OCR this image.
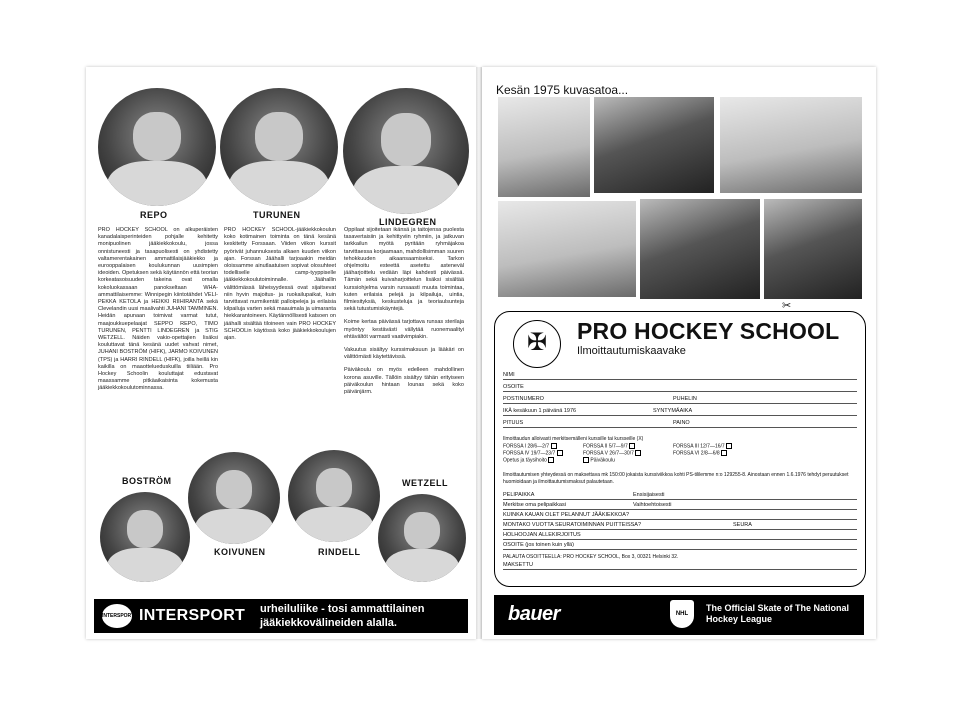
REPO	TURUNEN
LINDEGREN

PRO HOCKEY SCHOOL on alkuperäisten kanadalaisperinteiden pohjalle kehitetty monipuolinen jääkiekkokoulu, jossa onnistuneesti ja tasapuolisesti on yhdistetty valtamerentakainen ammattilaisjääkiekko ja eurooppalaisen koulukunnan uusimpien ideoiden. Opetuksen sekä käytännön että teorian korkeatasoisuuden takeina ovat omalla kokoluokassaan panokseltaan WHA-ammattilaisemme: Winnipegin kiintotähdet VELI-PEKKA KETOLA ja HEIKKI RIIHIRANTA sekä Clevelandin uusi maalivahti JUHANI TAMMINEN. Heidän apunaan toimivat varmat tutut, maajoukkuepelaajat SEPPO REPO, TIMO TURUNEN, PENTTI LINDEGREN ja STIG WETZELL. Näiden vakio-opettajien lisäksi kouluttavat tänä kesänä uudet vahvat nimet, JUHANI BOSTRÖM (HIFK), JARMO KOIVUNEN (TPS) ja HARRI RINDELL (HIFK), joilla heillä kin kaikilla on maaottelueduskuilla tiiliään. Pro Hockey Schoolin kouluttajat edustavat maassamme pitkäaikaisinta kokemusta jääkiekkokoulutominnassa.

PRO HOCKEY SCHOOL-jääkiekkokoulun koko kotimainen toiminta on tänä kesänä keskitetty Forssaan. Viiden viikon kurssit pyörivät juhannuksesta alkaen kuuden viikon ajan. Forssan Jäähalli tarjoaakin meidän oloissamme ainutlaatuisen sopivat olosuhteet todelliselle camp-tyyppiselle jääkiekkokoulutoiminnalle. Jäähallin välittömässä läheisyydessä ovat sijaitsevat niin hyvin majoitus- ja ruokailupaikat, kuin tarvittavat nurmikentät palloipeleja ja erilaisia kilpailuja varten sekä maauimala ja uimaranta hiekkarantoineen. Käytännöllisesti katsoen on jäähalli sisältää tiloineen vain PRO HOCKEY SCHOOLin käytössä koko jääkiekkokoulujen ajan.

Oppilaat sijoitetaan ikänsä ja taitojensa puolesta tasavertaisiin ja kehittyviin ryhmiin, ja jatkuvan tarkkailun myötä pyritään ryhmäjakoa tarvittaessa korjaamaan, mahdollisimman suuren tehokkuuden aikaansaamiseksi. Tarkon ohjelmoitu esteettä asetettu asteneväl jääharjoittelu vedään läpi kahdesti päivässä. Tämän sekä kuivaharjoittelun lisäksi sisältää kurssiohjelma varsin runsaasti muuta toimintaa, kuten erilaisia pelejä ja kilpailuja, uintia, filmiesityksiä, keskusteluja ja teoriaulsunteja sekä tutustumiskäyntejä.

Koime kertaa päivässä tarjottava runsas sterilaja myöntyy kestävästi vällytää ruonemaalityi ehtävältöt varmasti vaativimpiakin.

Vakuutus sisältyy kurssimaksuun ja lääkäri on välittömästi käytettävissä.

Päiväkoulu on myös edelleen mahdollinen korona asuville. Tällöin sisältyy tähän erityiseen päiväkoulun hintaan lounas sekä koko päivänjärm.

BOSTRÖM
KOIVUNEN	RINDELL
WETZELL
INTERSPORT INTERSPORT urheiluliike - tosi ammattilainen jääkiekkovälineiden alalla.
Kesän 1975 kuvasatoa...
✂
✠	PRO HOCKEY SCHOOL
Ilmoittautumiskaavake
NIMI
OSOITE
POSTINUMERO	PUHELIN
IKÄ kesäkuun 1 päivänä 1976	SYNTYMÄAIKA
PITUUS	PAINO
Ilmoittaudun alloivasti merkitsemälleni kurssille tai kursseille (X)
FORSSA I 28/6—2/7	FORSSA II 5/7—9/7	FORSSA III 12/7—16/7
FORSSA IV 19/7—23/7	FORSSA V 26/7—30/7	FORSSA VI 2/8—6/8
Opetus ja täysihoito	Päiväkoulu
Ilmoittautumisen yhteydessä on maksettava mk 150:00 jokaista kurssiviikkoa kohti PS-tililemme n:o 129255-8. Ainostaan ennen 1.6.1976 tehdyt peruutukset huomioidaan ja ilmoittautumismaksut palautetaan.
PELIPAIKKA	Ensisijaisesti
Merkitse oma pelipaikkasi	Vaihtoehtoisesti
KUINKA KAUAN OLET PELANNUT JÄÄKIEKKOA?
MONTAKO VUOTTA SEURATOIMINNAN PUITTEISSA?	SEURA
HOLHOOJAN ALLEKIRJOITUS
OSOITE (jos toinen kuin yllä)
PALAUTA OSOITTEELLA: PRO HOCKEY SCHOOL, Box 3, 00321 Helsinki 32.
MAKSETTU
bauer	NHL
The Official Skate of The National Hockey League
